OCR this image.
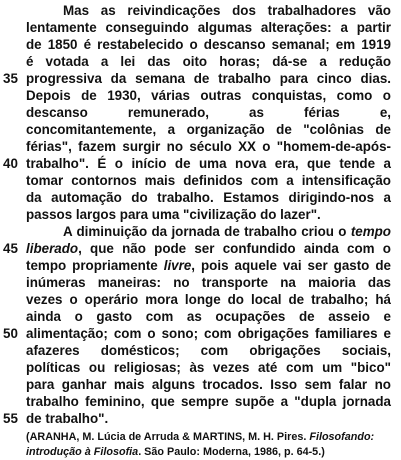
Mas as reivindicações dos trabalhadores vão
lentamente conseguindo algumas alterações: a partir
de 1850 é restabelecido o descanso semanal; em 1919
é votada a lei das oito horas; dá-se a redução
progressiva da semana de trabalho para cinco dias.
Depois de 1930, várias outras conquistas, como o
descanso remunerado, as férias e,
concomitantemente, a organização de "colônias de
férias", fazem surgir no século XX o "homem-de-após-
trabalho". É o início de uma nova era, que tende a
tomar contornos mais definidos com a intensificação
da automação do trabalho. Estamos dirigindo-nos a
passos largos para uma "civilização do lazer".
A diminuição da jornada de trabalho criou o tempo
liberado, que não pode ser confundido ainda com o
tempo propriamente livre, pois aquele vai ser gasto de
inúmeras maneiras: no transporte na maioria das
vezes o operário mora longe do local de trabalho; há
ainda o gasto com as ocupações de asseio e
alimentação; com o sono; com obrigações familiares e
afazeres domésticos; com obrigações sociais,
políticas ou religiosas; às vezes até com um "bico"
para ganhar mais alguns trocados. Isso sem falar no
trabalho feminino, que sempre supõe a "dupla jornada
de trabalho".
35
40
45
50
55
(ARANHA, M. Lúcia de Arruda & MARTINS, M. H. Pires. Filosofando:
introdução à Filosofia. São Paulo: Moderna, 1986, p. 64-5.)
